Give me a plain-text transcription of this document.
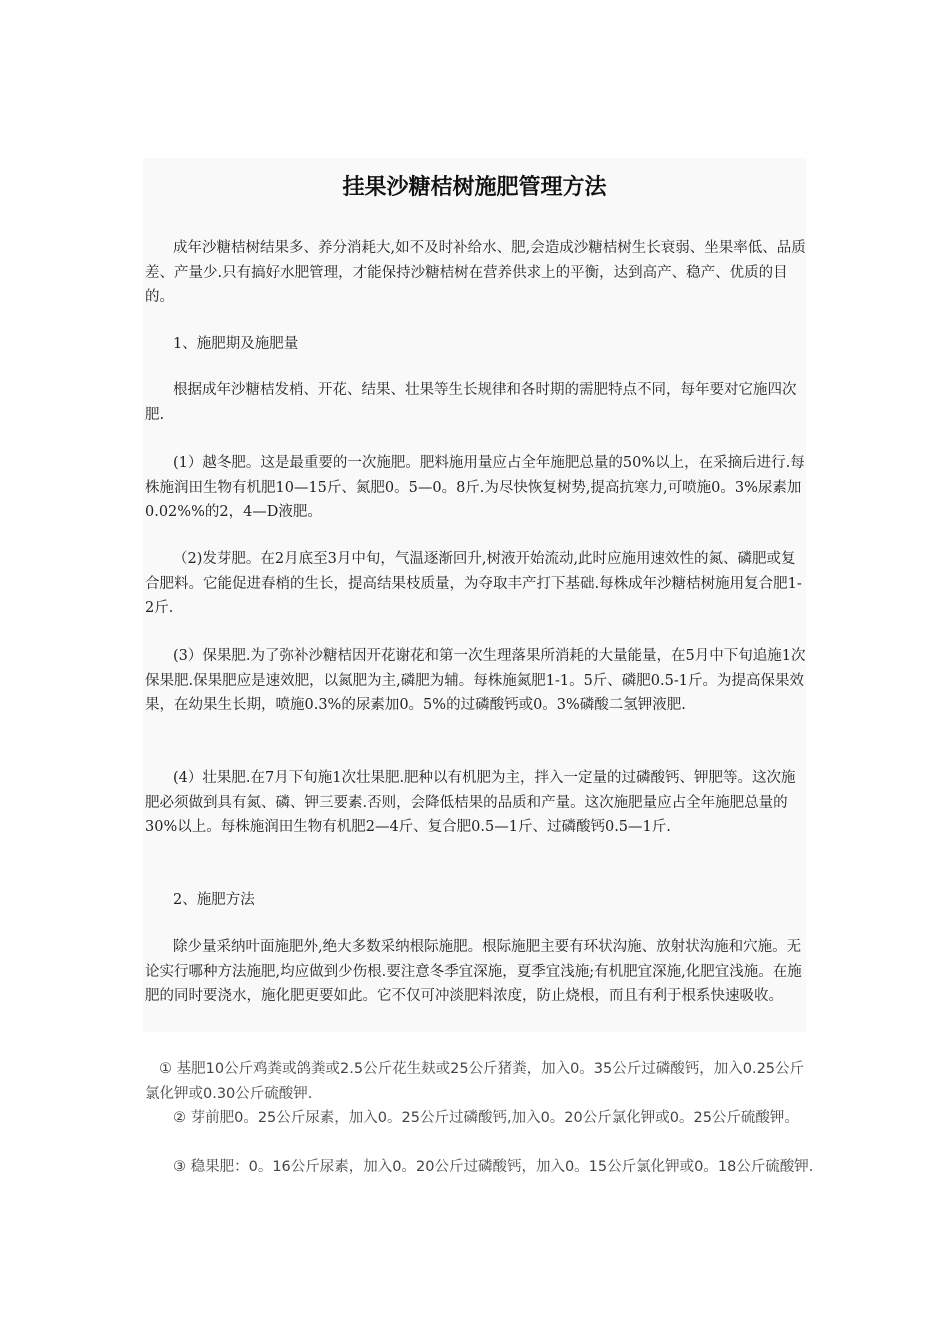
挂果沙糖桔树施肥管理方法

成年沙糖桔树结果多、养分消耗大,如不及时补给水、肥,会造成沙糖桔树生长衰弱、坐果率低、品质差、产量少.只有搞好水肥管理，才能保持沙糖桔树在营养供求上的平衡，达到高产、稳产、优质的目的。

1、施肥期及施肥量

根据成年沙糖桔发梢、开花、结果、壮果等生长规律和各时期的需肥特点不同，每年要对它施四次肥.

(1）越冬肥。这是最重要的一次施肥。肥料施用量应占全年施肥总量的50%以上，在采摘后进行.每株施润田生物有机肥10—15斤、氮肥0。5—0。8斤.为尽快恢复树势,提高抗寒力,可喷施0。3%尿素加0.02%%的2，4—D液肥。

（2)发芽肥。在2月底至3月中旬，气温逐渐回升,树液开始流动,此时应施用速效性的氮、磷肥或复合肥料。它能促进春梢的生长，提高结果枝质量，为夺取丰产打下基础.每株成年沙糖桔树施用复合肥1-2斤.

(3）保果肥.为了弥补沙糖桔因开花谢花和第一次生理落果所消耗的大量能量，在5月中下旬追施1次保果肥.保果肥应是速效肥，以氮肥为主,磷肥为辅。每株施氮肥1-1。5斤、磷肥0.5-1斤。为提高保果效果，在幼果生长期，喷施0.3%的尿素加0。5%的过磷酸钙或0。3%磷酸二氢钾液肥.

(4）壮果肥.在7月下旬施1次壮果肥.肥种以有机肥为主，拌入一定量的过磷酸钙、钾肥等。这次施肥必须做到具有氮、磷、钾三要素.否则，会降低桔果的品质和产量。这次施肥量应占全年施肥总量的30%以上。每株施润田生物有机肥2—4斤、复合肥0.5—1斤、过磷酸钙0.5—1斤.

2、施肥方法

除少量采纳叶面施肥外,绝大多数采纳根际施肥。根际施肥主要有环状沟施、放射状沟施和穴施。无论实行哪种方法施肥,均应做到少伤根.要注意冬季宜深施，夏季宜浅施;有机肥宜深施,化肥宜浅施。在施肥的同时要浇水，施化肥更要如此。它不仅可冲淡肥料浓度，防止烧根，而且有利于根系快速吸收。

① 基肥10公斤鸡粪或鸽粪或2.5公斤花生麸或25公斤猪粪，加入0。35公斤过磷酸钙，加入0.25公斤氯化钾或0.30公斤硫酸钾.

② 芽前肥0。25公斤尿素，加入0。25公斤过磷酸钙,加入0。20公斤氯化钾或0。25公斤硫酸钾。

③ 稳果肥：0。16公斤尿素，加入0。20公斤过磷酸钙，加入0。15公斤氯化钾或0。18公斤硫酸钾.
